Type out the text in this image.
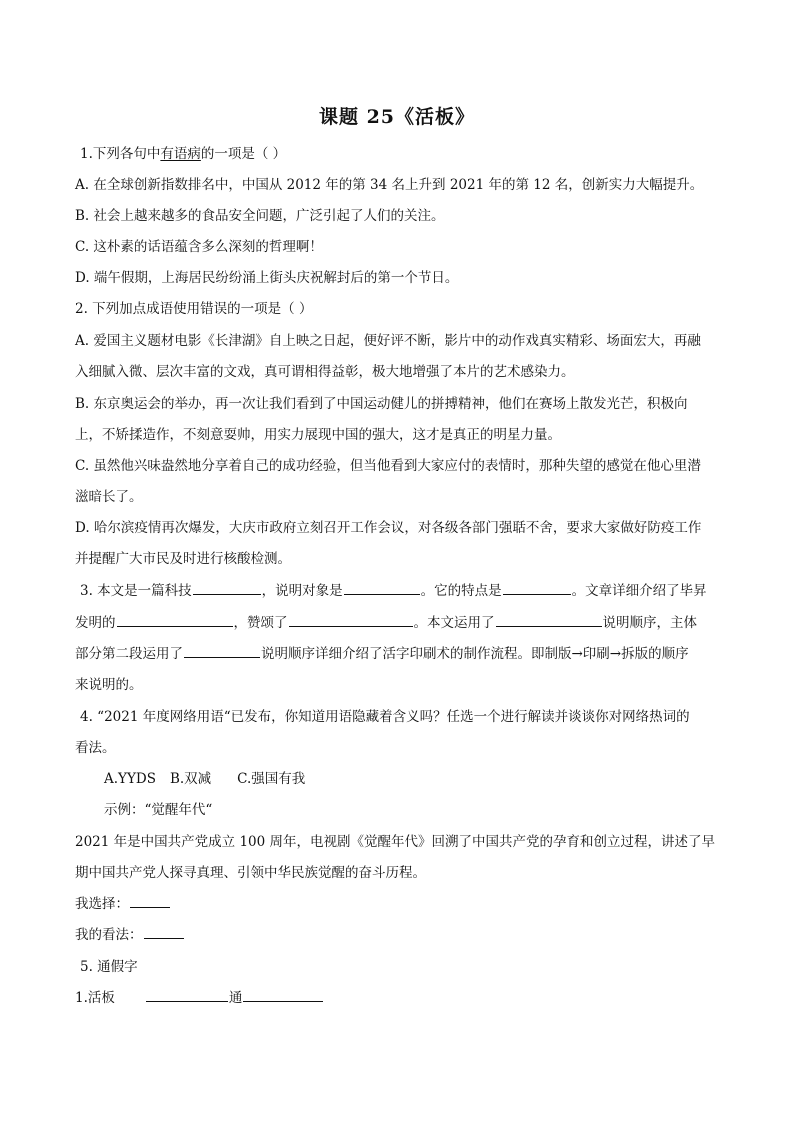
课题 25《活板》
1.下列各句中有语病的一项是（ ）
A. 在全球创新指数排名中，中国从 2012 年的第 34 名上升到 2021 年的第 12 名，创新实力大幅提升。
B. 社会上越来越多的食品安全问题，广泛引起了人们的关注。
C. 这朴素的话语蕴含多么深刻的哲理啊！
D. 端午假期，上海居民纷纷涌上街头庆祝解封后的第一个节日。
2. 下列加点成语使用错误的一项是（ ）
A. 爱国主义题材电影《长津湖》自上映之日起，便好评不断，影片中的动作戏真实精彩、场面宏大，再融
入细腻入微、层次丰富的文戏，真可谓相得益彰，极大地增强了本片的艺术感染力。
B. 东京奥运会的举办，再一次让我们看到了中国运动健儿的拼搏精神，他们在赛场上散发光芒，积极向
上，不矫揉造作，不刻意耍帅，用实力展现中国的强大，这才是真正的明星力量。
C. 虽然他兴味盎然地分享着自己的成功经验，但当他看到大家应付的表情时，那种失望的感觉在他心里潜
滋暗长了。
D. 哈尔滨疫情再次爆发，大庆市政府立刻召开工作会议，对各级各部门强聒不舍，要求大家做好防疫工作
并提醒广大市民及时进行核酸检测。
3. 本文是一篇科技	，说明对象是	。它的特点是	。文章详细介绍了毕昇
发明的	，赞颂了	。本文运用了	说明顺序，主体
部分第二段运用了	说明顺序详细介绍了活字印刷术的制作流程。即制版→印刷→拆版的顺序
来说明的。
4. “2021 年度网络用语“已发布，你知道用语隐藏着含义吗？任选一个进行解读并谈谈你对网络热词的
看法。
A.YYDS B.双减 C.强国有我
示例：“觉醒年代“
2021 年是中国共产党成立 100 周年，电视剧《觉醒年代》回溯了中国共产党的孕育和创立过程，讲述了早
期中国共产党人探寻真理、引领中华民族觉醒的奋斗历程。
我选择：
我的看法：
5. 通假字
1.活板	通
